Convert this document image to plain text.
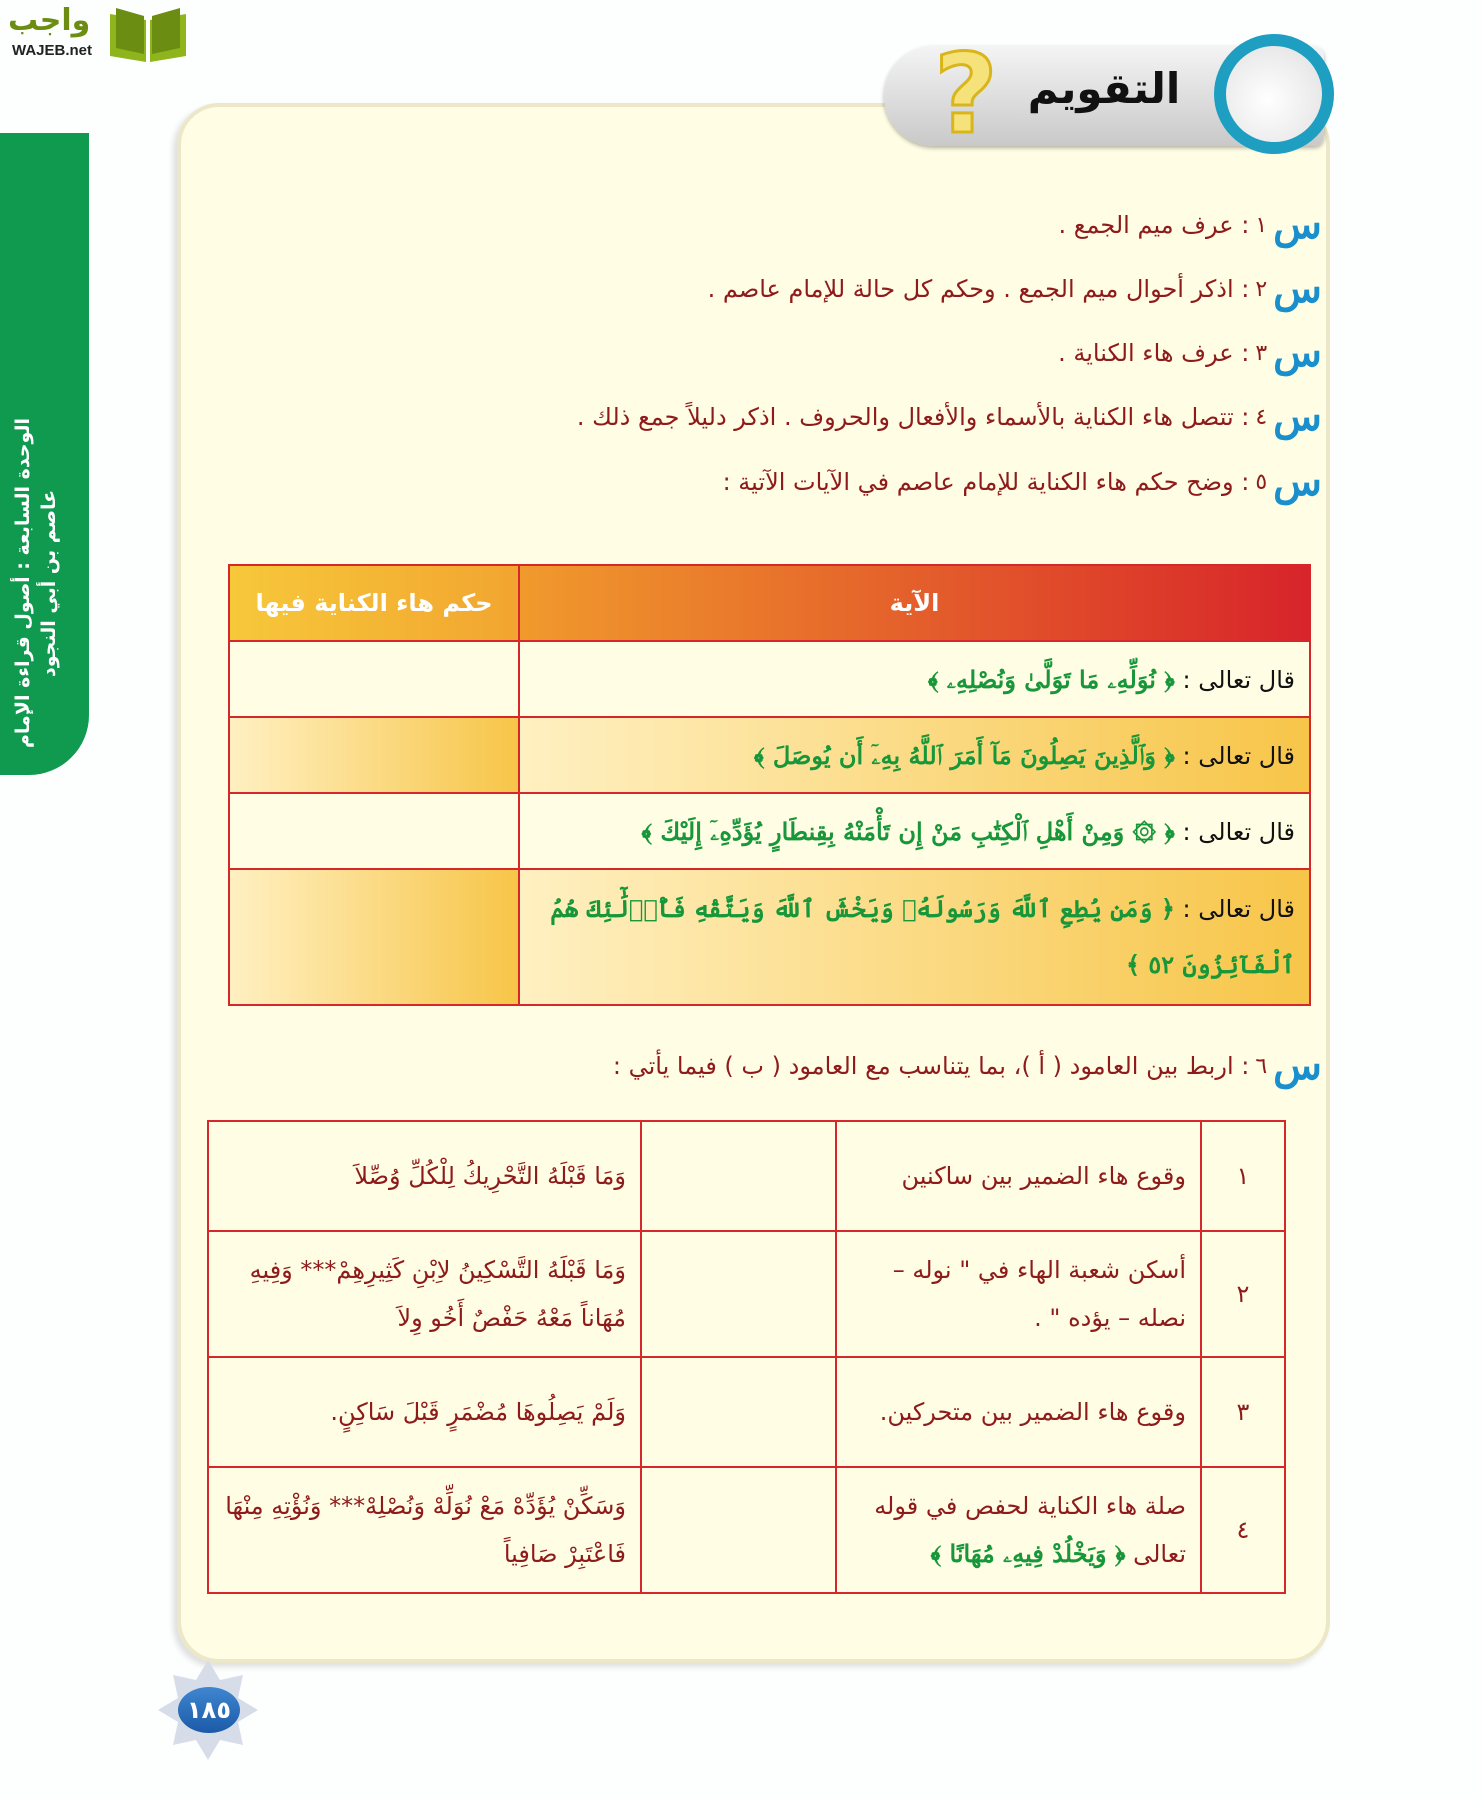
واجب
WAJEB.net
الوحدة السابعة : أصول قراءة الإمام عاصم بن أبي النجود
? التقويم
س
١
: عرف ميم الجمع .
س
٢
: اذكر أحوال ميم الجمع . وحكم كل حالة للإمام عاصم .
س
٣
: عرف هاء الكناية .
س
٤
: تتصل هاء الكناية بالأسماء والأفعال والحروف . اذكر دليلاً جمع ذلك .
س
٥
: وضح حكم هاء الكناية للإمام عاصم في الآيات الآتية :
الآية	حكم هاء الكناية فيها
قال تعالى : ﴿ نُوَلِّهِۦ مَا تَوَلَّىٰ وَنُصْلِهِۦ ﴾	
قال تعالى : ﴿ وَٱلَّذِينَ يَصِلُونَ مَآ أَمَرَ ٱللَّهُ بِهِۦٓ أَن يُوصَلَ ﴾	
قال تعالى : ﴿ ۞ وَمِنْ أَهْلِ ٱلْكِتَٰبِ مَنْ إِن تَأْمَنْهُ بِقِنطَارٍ يُؤَدِّهِۦٓ إِلَيْكَ ﴾	
قال تعالى : ﴿ وَمَن يُطِعِ ٱللَّهَ وَرَسُولَهُۥ وَيَخْشَ ٱللَّهَ وَيَتَّقْهِ فَأُو۟لَٰٓئِكَ هُمُ ٱلْفَآئِزُونَ ٥٢ ﴾	
س
٦
: اربط بين العامود ( أ )، بما يتناسب مع العامود ( ب ) فيما يأتي :
١	وقوع هاء الضمير بين ساكنين		وَمَا قَبْلَهُ التَّحْرِيكُ لِلْكُلِّ وُصِّلاَ
٢	أسكن شعبة الهاء في " نوله – نصله – يؤده " .		وَمَا قَبْلَهُ التَّسْكِينُ لاِبْنِ كَثِيرِهِمْ*** وَفِيهِ مُهَاناً مَعْهُ حَفْصٌ أَخُو وِلاَ
٣	وقوع هاء الضمير بين متحركين.		وَلَمْ يَصِلُوهَا مُضْمَرٍ قَبْلَ سَاكِنٍ.
٤	صلة هاء الكناية لحفص في قوله تعالى ﴿ وَيَخْلُدْ فِيهِۦ مُهَانًا ﴾		وَسَكِّنْ يُؤَدِّهْ مَعْ نُوَلِّهْ وَنُصْلِهْ*** وَنُؤْتِهِ مِنْهَا فَاعْتَبِرْ صَافِياً
١٨٥
